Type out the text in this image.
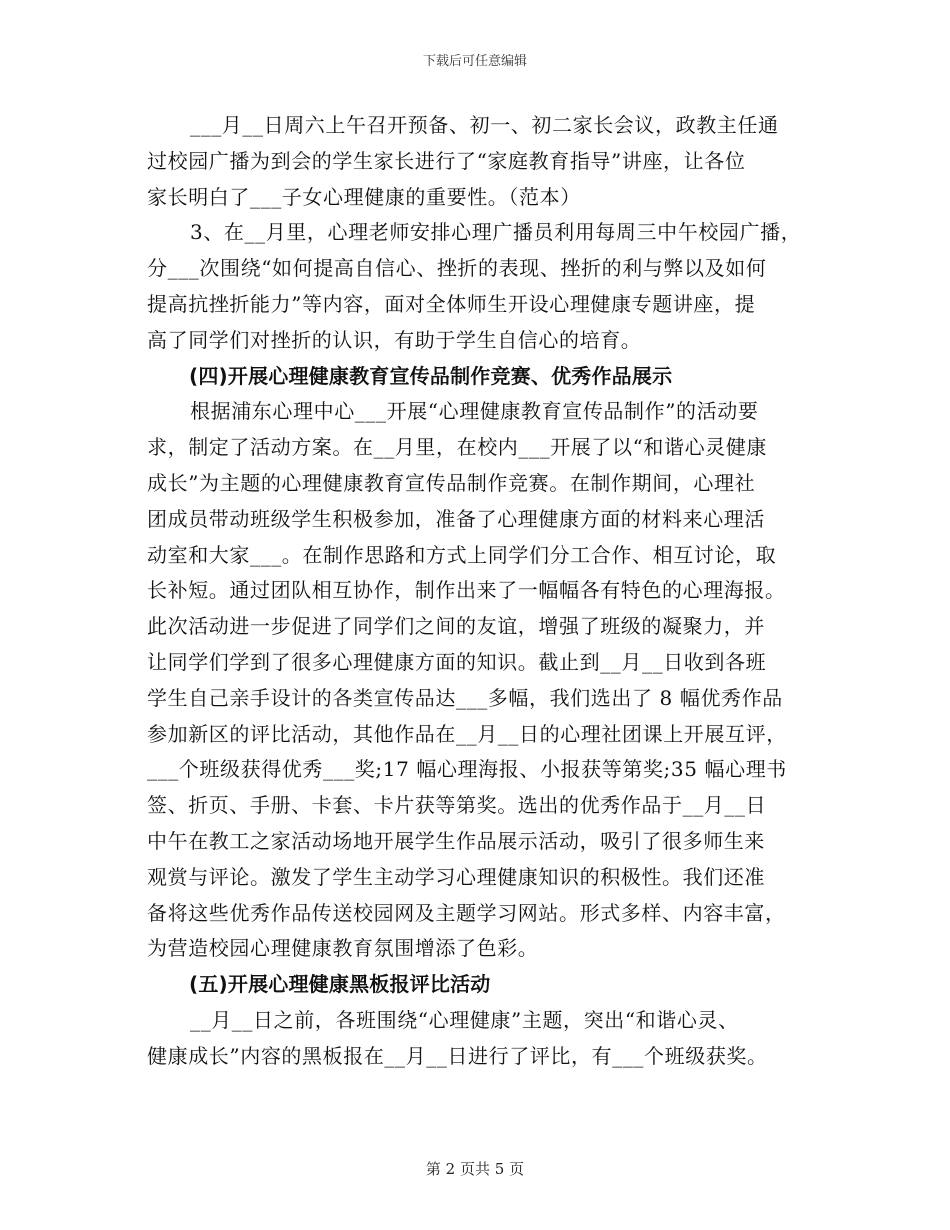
下载后可任意编辑
___月__日周六上午召开预备、初一、初二家长会议，政教主任通
过校园广播为到会的学生家长进行了“家庭教育指导”讲座，让各位
家长明白了___子女心理健康的重要性。（范本）
3、在__月里，心理老师安排心理广播员利用每周三中午校园广播，
分___次围绕“如何提高自信心、挫折的表现、挫折的利与弊以及如何
提高抗挫折能力”等内容，面对全体师生开设心理健康专题讲座，提
高了同学们对挫折的认识，有助于学生自信心的培育。
(四)开展心理健康教育宣传品制作竞赛、优秀作品展示
根据浦东心理中心___开展“心理健康教育宣传品制作”的活动要
求，制定了活动方案。在__月里，在校内___开展了以“和谐心灵健康
成长”为主题的心理健康教育宣传品制作竞赛。在制作期间，心理社
团成员带动班级学生积极参加，准备了心理健康方面的材料来心理活
动室和大家___。在制作思路和方式上同学们分工合作、相互讨论，取
长补短。通过团队相互协作，制作出来了一幅幅各有特色的心理海报。
此次活动进一步促进了同学们之间的友谊，增强了班级的凝聚力，并
让同学们学到了很多心理健康方面的知识。截止到__月__日收到各班
学生自己亲手设计的各类宣传品达___多幅，我们选出了 8 幅优秀作品
参加新区的评比活动，其他作品在__月__日的心理社团课上开展互评，
___个班级获得优秀___奖;17 幅心理海报、小报获等第奖;35 幅心理书
签、折页、手册、卡套、卡片获等第奖。选出的优秀作品于__月__日
中午在教工之家活动场地开展学生作品展示活动，吸引了很多师生来
观赏与评论。激发了学生主动学习心理健康知识的积极性。我们还准
备将这些优秀作品传送校园网及主题学习网站。形式多样、内容丰富，
为营造校园心理健康教育氛围增添了色彩。
(五)开展心理健康黑板报评比活动
__月__日之前，各班围绕“心理健康”主题，突出“和谐心灵、
健康成长”内容的黑板报在__月__日进行了评比，有___个班级获奖。
第 2 页共 5 页
